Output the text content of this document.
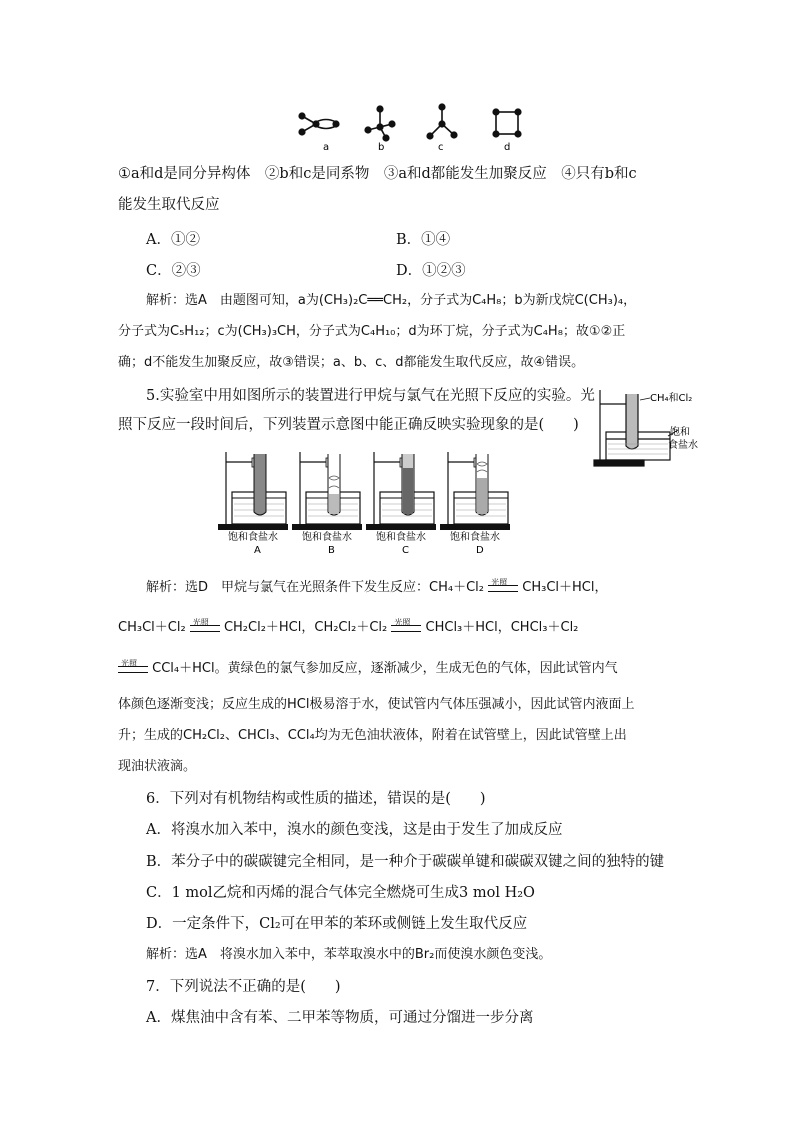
a	b	c	d
①a和d是同分异构体　②b和c是同系物　③a和d都能发生加聚反应　④只有b和c
能发生取代反应
A．①②	B．①④
C．②③	D．①②③
解析：选A　由题图可知，a为(CH₃)₂C══CH₂，分子式为C₄H₈；b为新戊烷C(CH₃)₄，
分子式为C₅H₁₂；c为(CH₃)₃CH，分子式为C₄H₁₀；d为环丁烷，分子式为C₄H₈；故①②正
确；d不能发生加聚反应，故③错误；a、b、c、d都能发生取代反应，故④错误。
5.实验室中用如图所示的装置进行甲烷与氯气在光照下反应的实验。光
照下反应一段时间后，下列装置示意图中能正确反映实验现象的是(　　)
CH₄和Cl₂
饱和
食盐水
饱和食盐水 饱和食盐水 饱和食盐水 饱和食盐水
A	B	C	D
解析：选D　甲烷与氯气在光照条件下发生反应：CH₄＋Cl₂ 光照 CH₃Cl＋HCl，
CH₃Cl＋Cl₂ 光照 CH₂Cl₂＋HCl，CH₂Cl₂＋Cl₂ 光照 CHCl₃＋HCl，CHCl₃＋Cl₂
光照 CCl₄＋HCl。黄绿色的氯气参加反应，逐渐减少，生成无色的气体，因此试管内气
体颜色逐渐变浅；反应生成的HCl极易溶于水，使试管内气体压强减小，因此试管内液面上
升；生成的CH₂Cl₂、CHCl₃、CCl₄均为无色油状液体，附着在试管壁上，因此试管壁上出
现油状液滴。
6．下列对有机物结构或性质的描述，错误的是(　　)
A．将溴水加入苯中，溴水的颜色变浅，这是由于发生了加成反应
B．苯分子中的碳碳键完全相同，是一种介于碳碳单键和碳碳双键之间的独特的键
C．1 mol乙烷和丙烯的混合气体完全燃烧可生成3 mol H₂O
D．一定条件下，Cl₂可在甲苯的苯环或侧链上发生取代反应
解析：选A　将溴水加入苯中，苯萃取溴水中的Br₂而使溴水颜色变浅。
7．下列说法不正确的是(　　)
A．煤焦油中含有苯、二甲苯等物质，可通过分馏进一步分离
